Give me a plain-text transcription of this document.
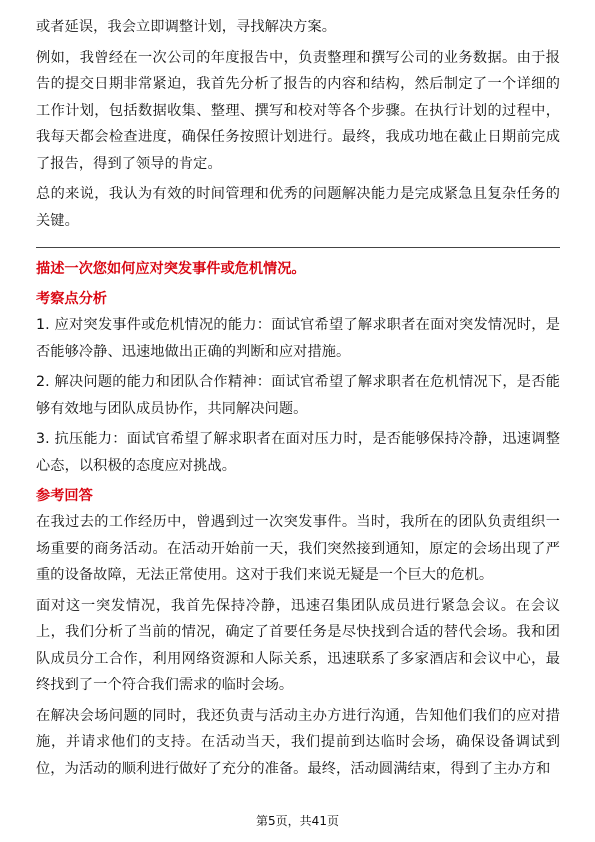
或者延误，我会立即调整计划，寻找解决方案。

例如，我曾经在一次公司的年度报告中，负责整理和撰写公司的业务数据。由于报告的提交日期非常紧迫，我首先分析了报告的内容和结构，然后制定了一个详细的工作计划，包括数据收集、整理、撰写和校对等各个步骤。在执行计划的过程中，我每天都会检查进度，确保任务按照计划进行。最终，我成功地在截止日期前完成了报告，得到了领导的肯定。

总的来说，我认为有效的时间管理和优秀的问题解决能力是完成紧急且复杂任务的关键。

描述一次您如何应对突发事件或危机情况。

考察点分析

1. 应对突发事件或危机情况的能力：面试官希望了解求职者在面对突发情况时，是否能够冷静、迅速地做出正确的判断和应对措施。

2. 解决问题的能力和团队合作精神：面试官希望了解求职者在危机情况下，是否能够有效地与团队成员协作，共同解决问题。

3. 抗压能力：面试官希望了解求职者在面对压力时，是否能够保持冷静，迅速调整心态，以积极的态度应对挑战。

参考回答

在我过去的工作经历中，曾遇到过一次突发事件。当时，我所在的团队负责组织一场重要的商务活动。在活动开始前一天，我们突然接到通知，原定的会场出现了严重的设备故障，无法正常使用。这对于我们来说无疑是一个巨大的危机。

面对这一突发情况，我首先保持冷静，迅速召集团队成员进行紧急会议。在会议上，我们分析了当前的情况，确定了首要任务是尽快找到合适的替代会场。我和团队成员分工合作，利用网络资源和人际关系，迅速联系了多家酒店和会议中心，最终找到了一个符合我们需求的临时会场。

在解决会场问题的同时，我还负责与活动主办方进行沟通，告知他们我们的应对措施，并请求他们的支持。在活动当天，我们提前到达临时会场，确保设备调试到位，为活动的顺利进行做好了充分的准备。最终，活动圆满结束，得到了主办方和

第5页，共41页
